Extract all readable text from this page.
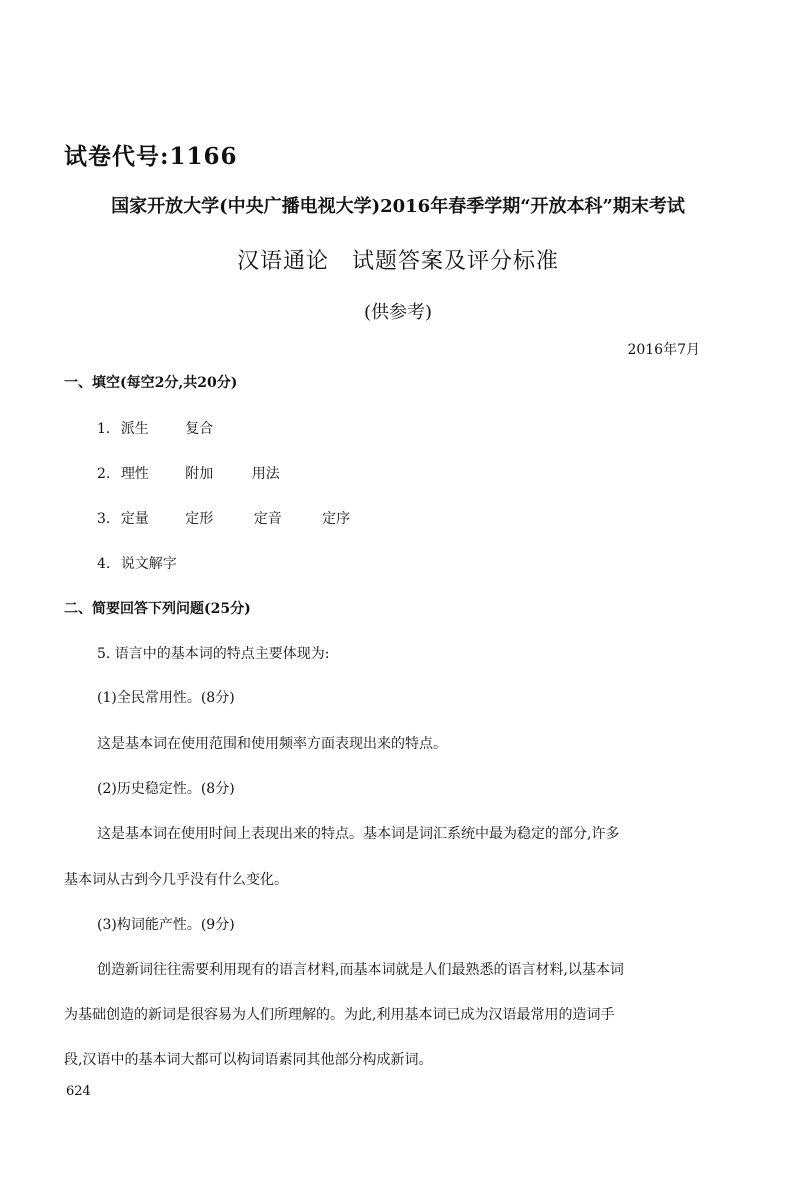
试卷代号:1166
国家开放大学(中央广播电视大学)2016年春季学期“开放本科”期末考试
汉语通论　试题答案及评分标准
(供参考)
2016年7月
一、填空(每空2分,共20分)
1. 派生	复合
2. 理性	附加	用法
3. 定量	定形	定音	定序
4. 说文解字
二、简要回答下列问题(25分)
5. 语言中的基本词的特点主要体现为:
(1)全民常用性。(8分)
这是基本词在使用范围和使用频率方面表现出来的特点。
(2)历史稳定性。(8分)
这是基本词在使用时间上表现出来的特点。基本词是词汇系统中最为稳定的部分,许多
基本词从古到今几乎没有什么变化。
(3)构词能产性。(9分)
创造新词往往需要利用现有的语言材料,而基本词就是人们最熟悉的语言材料,以基本词
为基础创造的新词是很容易为人们所理解的。为此,利用基本词已成为汉语最常用的造词手
段,汉语中的基本词大都可以构词语素同其他部分构成新词。
624
